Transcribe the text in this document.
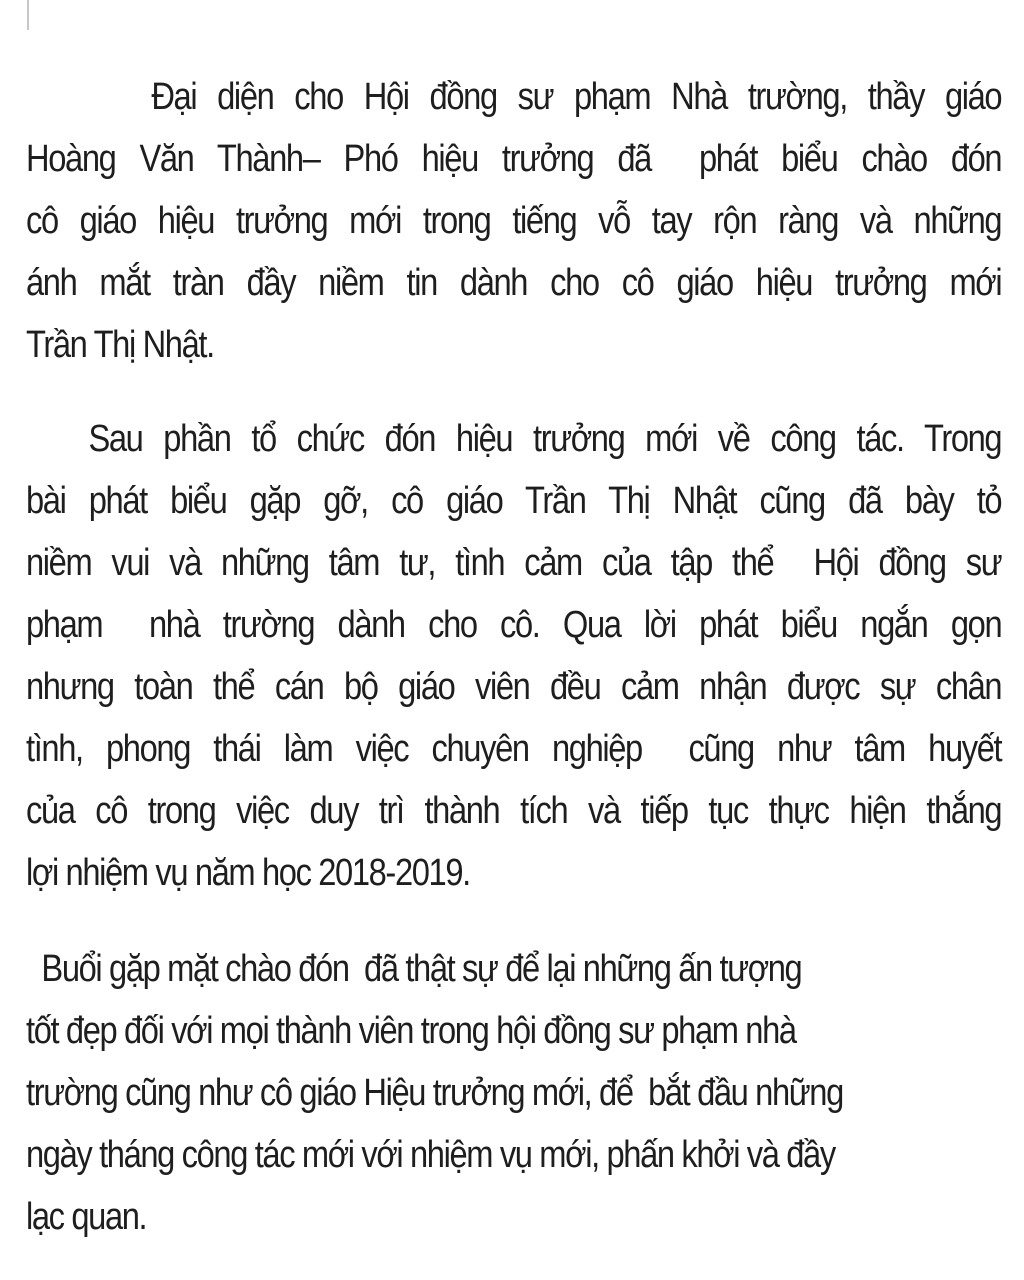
Đại diện cho Hội đồng sư phạm Nhà trường, thầy giáo
Hoàng Văn Thành– Phó hiệu trưởng đã  phát biểu chào đón
cô giáo hiệu trưởng mới trong tiếng vỗ tay rộn ràng và những
ánh mắt tràn đầy niềm tin dành cho cô giáo hiệu trưởng mới
Trần Thị Nhật.
Sau phần tổ chức đón hiệu trưởng mới về công tác. Trong
bài phát biểu gặp gỡ, cô giáo Trần Thị Nhật cũng đã bày tỏ
niềm vui và những tâm tư, tình cảm của tập thể  Hội đồng sư
phạm  nhà trường dành cho cô. Qua lời phát biểu ngắn gọn
nhưng toàn thể cán bộ giáo viên đều cảm nhận được sự chân
tình, phong thái làm việc chuyên nghiệp  cũng như tâm huyết
của cô trong việc duy trì thành tích và tiếp tục thực hiện thắng
lợi nhiệm vụ năm học 2018-2019.
Buổi gặp mặt chào đón  đã thật sự để lại những ấn tượng
tốt đẹp đối với mọi thành viên trong hội đồng sư phạm nhà
trường cũng như cô giáo Hiệu trưởng mới, để  bắt đầu những
ngày tháng công tác mới với nhiệm vụ mới, phấn khởi và đầy
lạc quan.
